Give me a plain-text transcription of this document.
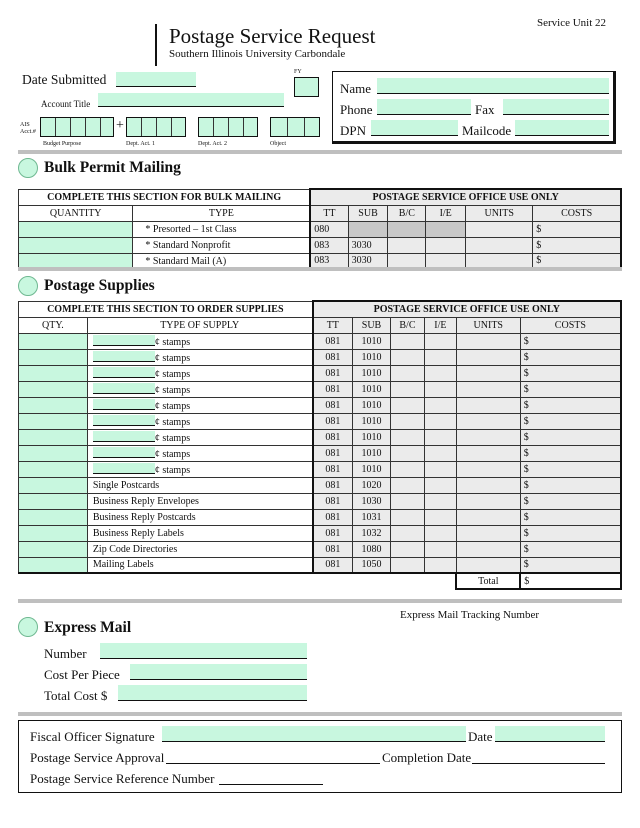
Postage Service Request
Southern Illinois University Carbondale
Service Unit 22
Date Submitted	FY
Account Title
AIS
Acct.#	+
Budget Purpose	Dept. Act. 1	Dept. Act. 2	Object
Name
Phone	Fax
DPN	Mailcode
Bulk Permit Mailing
COMPLETE THIS SECTION FOR BULK MAILING		POSTAGE SERVICE OFFICE USE ONLY					
QUANTITY	TYPE	TT	SUB	B/C	I/E	UNITS	COSTS
	* Presorted – 1st Class	080					$
	* Standard Nonprofit	083	3030				$
	* Standard Mail (A)	083	3030				$
Postage Supplies
COMPLETE THIS SECTION TO ORDER SUPPLIES		POSTAGE SERVICE OFFICE USE ONLY					
QTY.	TYPE OF SUPPLY	TT	SUB	B/C	I/E	UNITS	COSTS
	¢ stamps	081	1010				$
	¢ stamps	081	1010				$
	¢ stamps	081	1010				$
	¢ stamps	081	1010				$
	¢ stamps	081	1010				$
	¢ stamps	081	1010				$
	¢ stamps	081	1010				$
	¢ stamps	081	1010				$
	¢ stamps	081	1010				$
	Single Postcards	081	1020				$
	Business Reply Envelopes	081	1030				$
	Business Reply Postcards	081	1031				$
	Business Reply Labels	081	1032				$
	Zip Code Directories	081	1080				$
	Mailing Labels	081	1050				$
						Total	$
Express Mail
Express Mail Tracking Number
Number
Cost Per Piece
Total Cost $
Fiscal Officer Signature	Date
Postage Service Approval	Completion Date
Postage Service Reference Number
